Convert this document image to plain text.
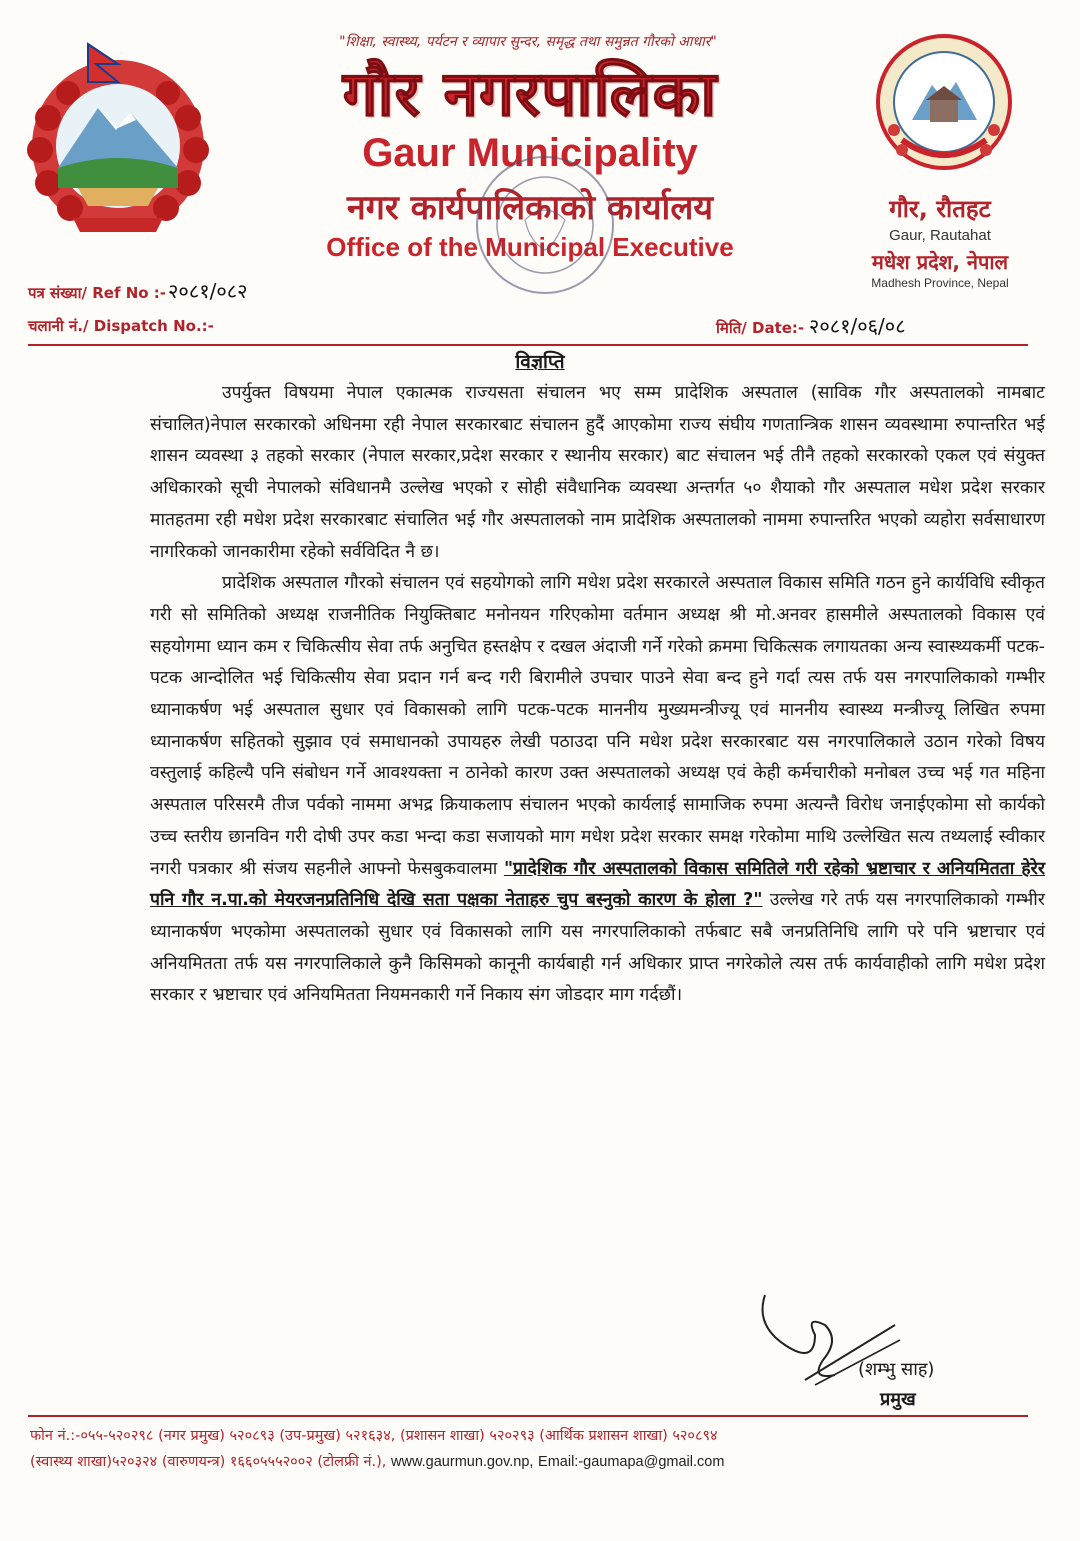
"शिक्षा, स्वास्थ्य, पर्यटन र व्यापार सुन्दर, समृद्ध तथा समुन्नत गौरको आधार"
गौर नगरपालिका
Gaur Municipality
नगर कार्यपालिकाको कार्यालय
Office of the Municipal Executive
गौर, रौतहट
Gaur, Rautahat
मधेश प्रदेश, नेपाल
Madhesh Province, Nepal
पत्र संख्या/ Ref No :- २०८१/०८२
चलानी नं./ Dispatch No.:-	मिति/ Date:- २०८१/०६/०८
विज्ञप्ति

उपर्युक्त विषयमा नेपाल एकात्मक राज्यसता संचालन भए सम्म प्रादेशिक अस्पताल (साविक गौर अस्पतालको नामबाट संचालित)नेपाल सरकारको अधिनमा रही नेपाल सरकारबाट संचालन हुदैं आएकोमा राज्य संघीय गणतान्त्रिक शासन व्यवस्थामा रुपान्तरित भई शासन व्यवस्था ३ तहको सरकार (नेपाल सरकार,प्रदेश सरकार र स्थानीय सरकार) बाट संचालन भई तीनै तहको सरकारको एकल एवं संयुक्त अधिकारको सूची नेपालको संविधानमै उल्लेख भएको र सोही संवैधानिक व्यवस्था अन्तर्गत ५० शैयाको गौर अस्पताल मधेश प्रदेश सरकार मातहतमा रही मधेश प्रदेश सरकारबाट संचालित भई गौर अस्पतालको नाम प्रादेशिक अस्पतालको नाममा रुपान्तरित भएको व्यहोरा सर्वसाधारण नागरिकको जानकारीमा रहेको सर्वविदित नै छ।

प्रादेशिक अस्पताल गौरको संचालन एवं सहयोगको लागि मधेश प्रदेश सरकारले अस्पताल विकास समिति गठन हुने कार्यविधि स्वीकृत गरी सो समितिको अध्यक्ष राजनीतिक नियुक्तिबाट मनोनयन गरिएकोमा वर्तमान अध्यक्ष श्री मो.अनवर हासमीले अस्पतालको विकास एवं सहयोगमा ध्यान कम र चिकित्सीय सेवा तर्फ अनुचित हस्तक्षेप र दखल अंदाजी गर्ने गरेको क्रममा चिकित्सक लगायतका अन्य स्वास्थ्यकर्मी पटक-पटक आन्दोलित भई चिकित्सीय सेवा प्रदान गर्न बन्द गरी बिरामीले उपचार पाउने सेवा बन्द हुने गर्दा त्यस तर्फ यस नगरपालिकाको गम्भीर ध्यानाकर्षण भई अस्पताल सुधार एवं विकासको लागि पटक-पटक माननीय मुख्यमन्त्रीज्यू एवं माननीय स्वास्थ्य मन्त्रीज्यू लिखित रुपमा ध्यानाकर्षण सहितको सुझाव एवं समाधानको उपायहरु लेखी पठाउदा पनि मधेश प्रदेश सरकारबाट यस नगरपालिकाले उठान गरेको विषय वस्तुलाई कहिल्यै पनि संबोधन गर्ने आवश्यक्ता न ठानेको कारण उक्त अस्पतालको अध्यक्ष एवं केही कर्मचारीको मनोबल उच्च भई गत महिना अस्पताल परिसरमै तीज पर्वको नाममा अभद्र क्रियाकलाप संचालन भएको कार्यलाई सामाजिक रुपमा अत्यन्तै विरोध जनाईएकोमा सो कार्यको उच्च स्तरीय छानविन गरी दोषी उपर कडा भन्दा कडा सजायको माग मधेश प्रदेश सरकार समक्ष गरेकोमा माथि उल्लेखित सत्य तथ्यलाई स्वीकार नगरी पत्रकार श्री संजय सहनीले आफ्नो फेसबुकवालमा "प्रादेशिक गौर अस्पतालको विकास समितिले गरी रहेको भ्रष्टाचार र अनियमितता हेरेर पनि गौर न.पा.को मेयरजनप्रतिनिधि देखि सता पक्षका नेताहरु चुप बस्नुको कारण के होला ?" उल्लेख गरे तर्फ यस नगरपालिकाको गम्भीर ध्यानाकर्षण भएकोमा अस्पतालको सुधार एवं विकासको लागि यस नगरपालिकाको तर्फबाट सबै जनप्रतिनिधि लागि परे पनि भ्रष्टाचार एवं अनियमितता तर्फ यस नगरपालिकाले कुनै किसिमको कानूनी कार्यबाही गर्न अधिकार प्राप्त नगरेकोले त्यस तर्फ कार्यवाहीको लागि मधेश प्रदेश सरकार र भ्रष्टाचार एवं अनियमितता नियमनकारी गर्ने निकाय संग जोडदार माग गर्दछौं।

(शम्भु साह)
प्रमुख
फोन नं.:-०५५-५२०२९८ (नगर प्रमुख) ५२०८९३ (उप-प्रमुख) ५२१६३४, (प्रशासन शाखा) ५२०२९३ (आर्थिक प्रशासन शाखा) ५२०८९४
(स्वास्थ्य शाखा)५२०३२४ (वारुणयन्त्र) १६६०५५५२००२ (टोलफ्री नं.), www.gaurmun.gov.np, Email:-gaumapa@gmail.com
